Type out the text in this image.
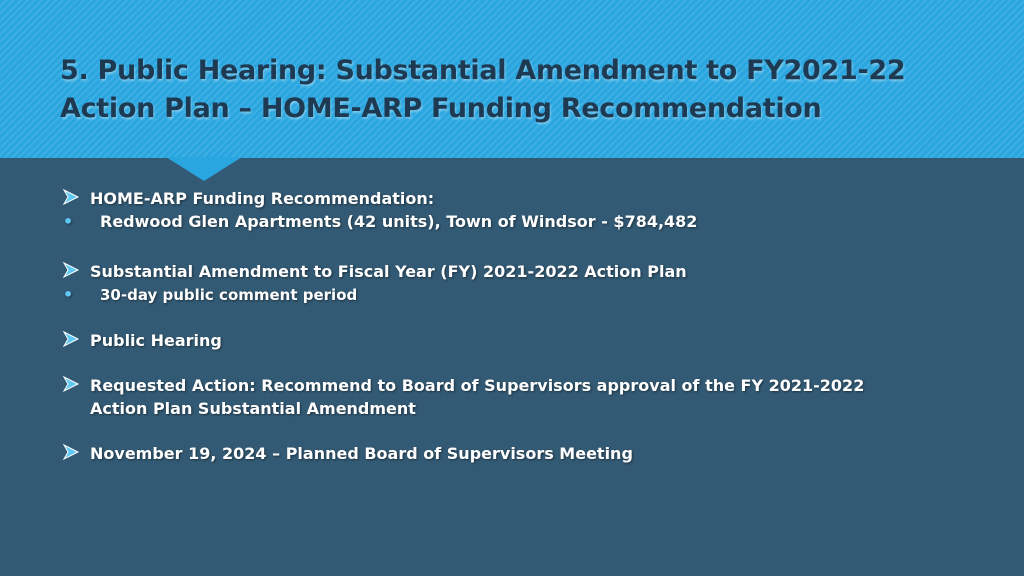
5. Public Hearing: Substantial Amendment to FY2021-22
Action Plan – HOME-ARP Funding Recommendation

HOME-ARP Funding Recommendation:

• Redwood Glen Apartments (42 units), Town of Windsor - $784,482

Substantial Amendment to Fiscal Year (FY) 2021-2022 Action Plan

• 30-day public comment period

Public Hearing

Requested Action: Recommend to Board of Supervisors approval of the FY 2021-2022
Action Plan Substantial Amendment

November 19, 2024 – Planned Board of Supervisors Meeting
